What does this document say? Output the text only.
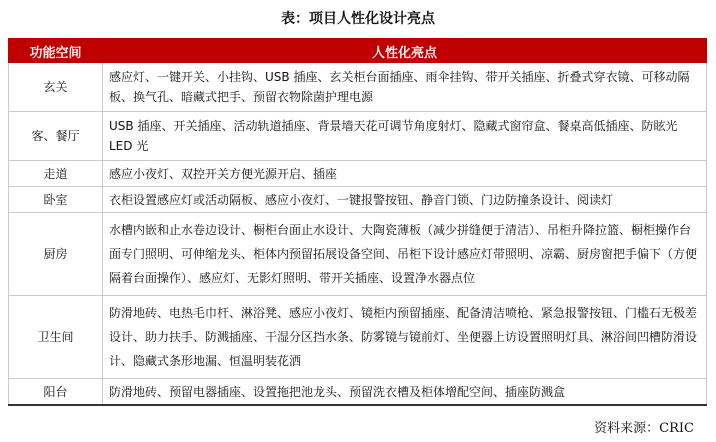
表：项目人性化设计亮点
功能空间	人性化亮点
玄关	感应灯、一键开关、小挂钩、USB 插座、玄关柜台面插座、雨伞挂钩、带开关插座、折叠式穿衣镜、可移动隔板、换气孔、暗藏式把手、预留衣物除菌护理电源
客、餐厅	USB 插座、开关插座、活动轨道插座、背景墙天花可调节角度射灯、隐藏式窗帘盒、餐桌高低插座、防眩光 LED 光
走道	感应小夜灯、双控开关方便光源开启、插座
卧室	衣柜设置感应灯或活动隔板、感应小夜灯、一键报警按钮、静音门锁、门边防撞条设计、阅读灯
厨房	水槽内嵌和止水卷边设计、橱柜台面止水设计、大陶瓷薄板（减少拼缝便于清洁）、吊柜升降拉篮、橱柜操作台面专门照明、可伸缩龙头、柜体内预留拓展设备空间、吊柜下设计感应灯带照明、凉霸、厨房窗把手偏下（方便隔着台面操作）、感应灯、无影灯照明、带开关插座、设置净水器点位
卫生间	防滑地砖、电热毛巾杆、淋浴凳、感应小夜灯、镜柜内预留插座、配备清洁喷枪、紧急报警按钮、门槛石无极差设计、助力扶手、防溅插座、干湿分区挡水条、防雾镜与镜前灯、坐便器上访设置照明灯具、淋浴间凹槽防滑设计、隐藏式条形地漏、恒温明装花洒
阳台	防滑地砖、预留电器插座、设置拖把池龙头、预留洗衣槽及柜体增配空间、插座防溅盒
资料来源：CRIC
